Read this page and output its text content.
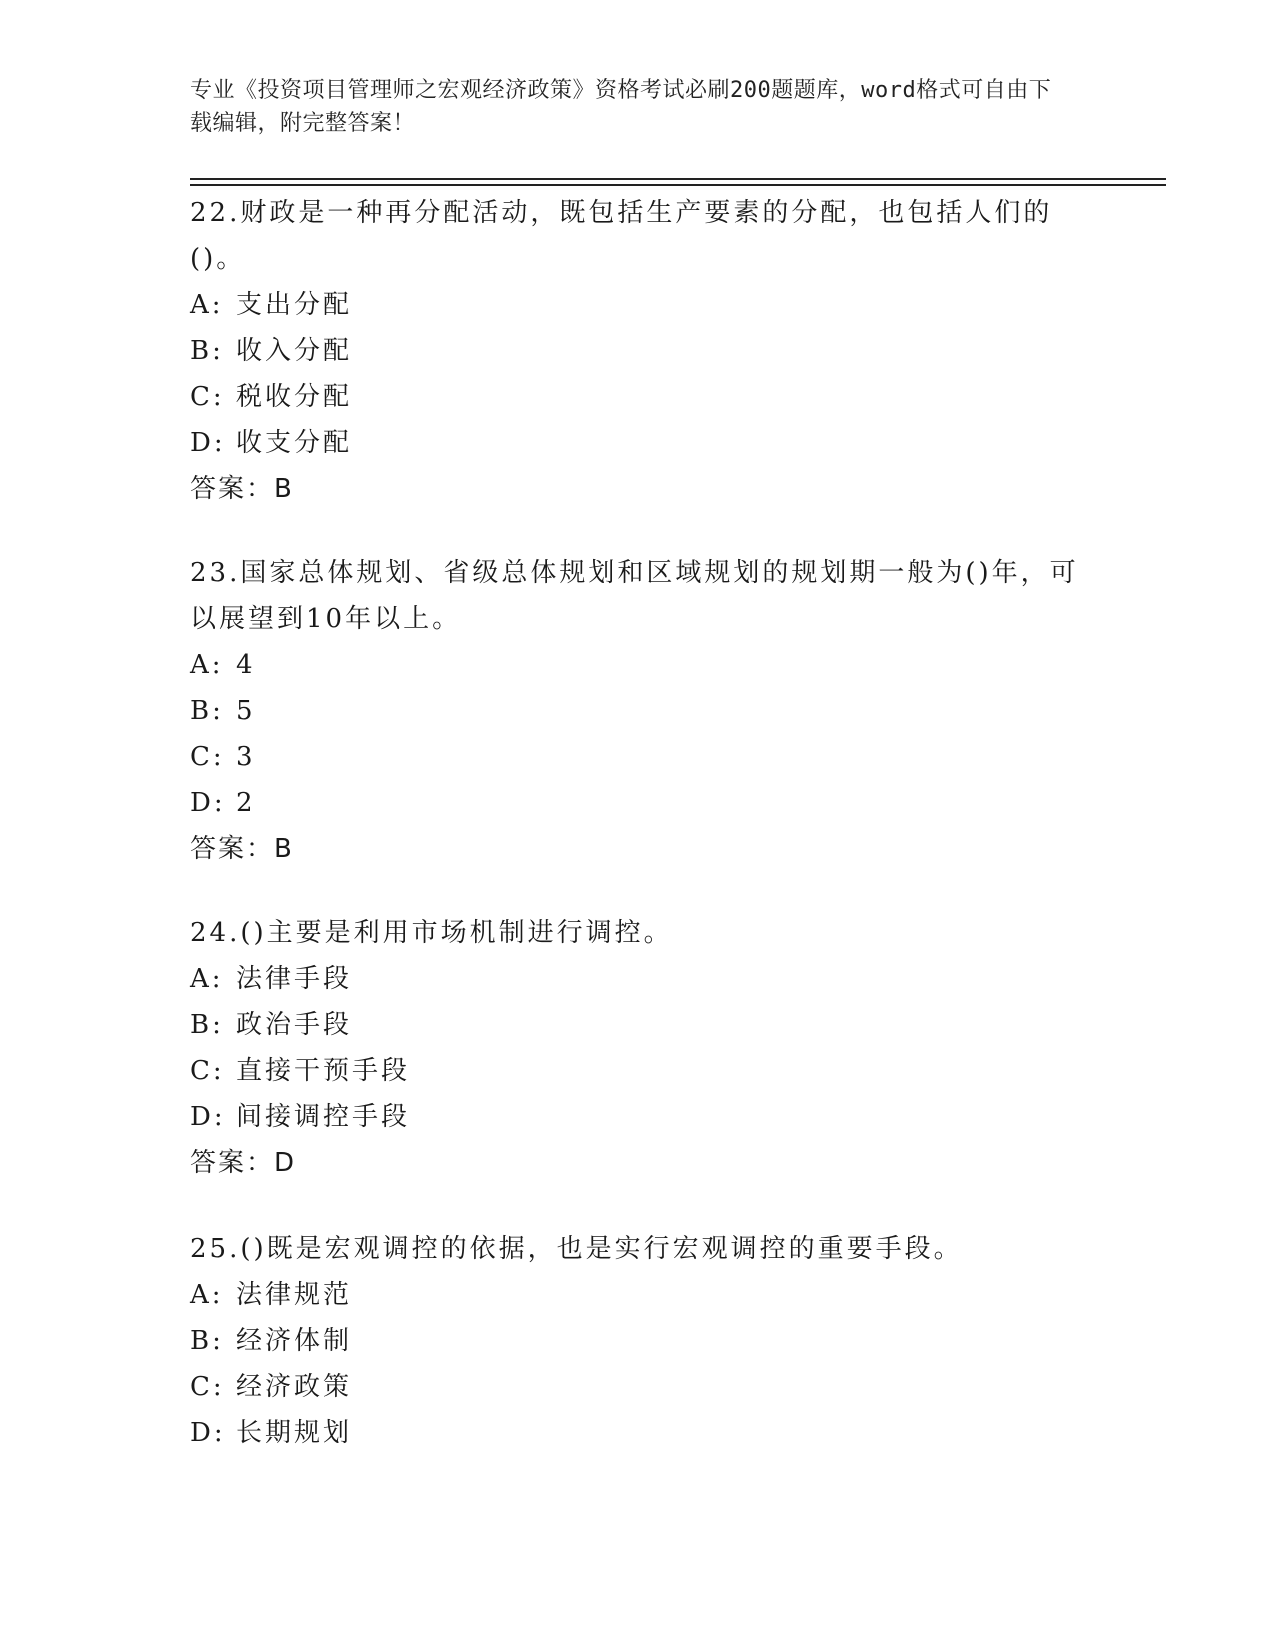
专业《投资项目管理师之宏观经济政策》资格考试必刷200题题库，word格式可自由下载编辑，附完整答案！

22.财政是一种再分配活动，既包括生产要素的分配，也包括人们的()。

A: 支出分配

B: 收入分配

C: 税收分配

D: 收支分配

答案：B

23.国家总体规划、省级总体规划和区域规划的规划期一般为()年，可以展望到10年以上。

A: 4

B: 5

C: 3

D: 2

答案：B

24.()主要是利用市场机制进行调控。

A: 法律手段

B: 政治手段

C: 直接干预手段

D: 间接调控手段

答案：D

25.()既是宏观调控的依据，也是实行宏观调控的重要手段。

A: 法律规范

B: 经济体制

C: 经济政策

D: 长期规划
